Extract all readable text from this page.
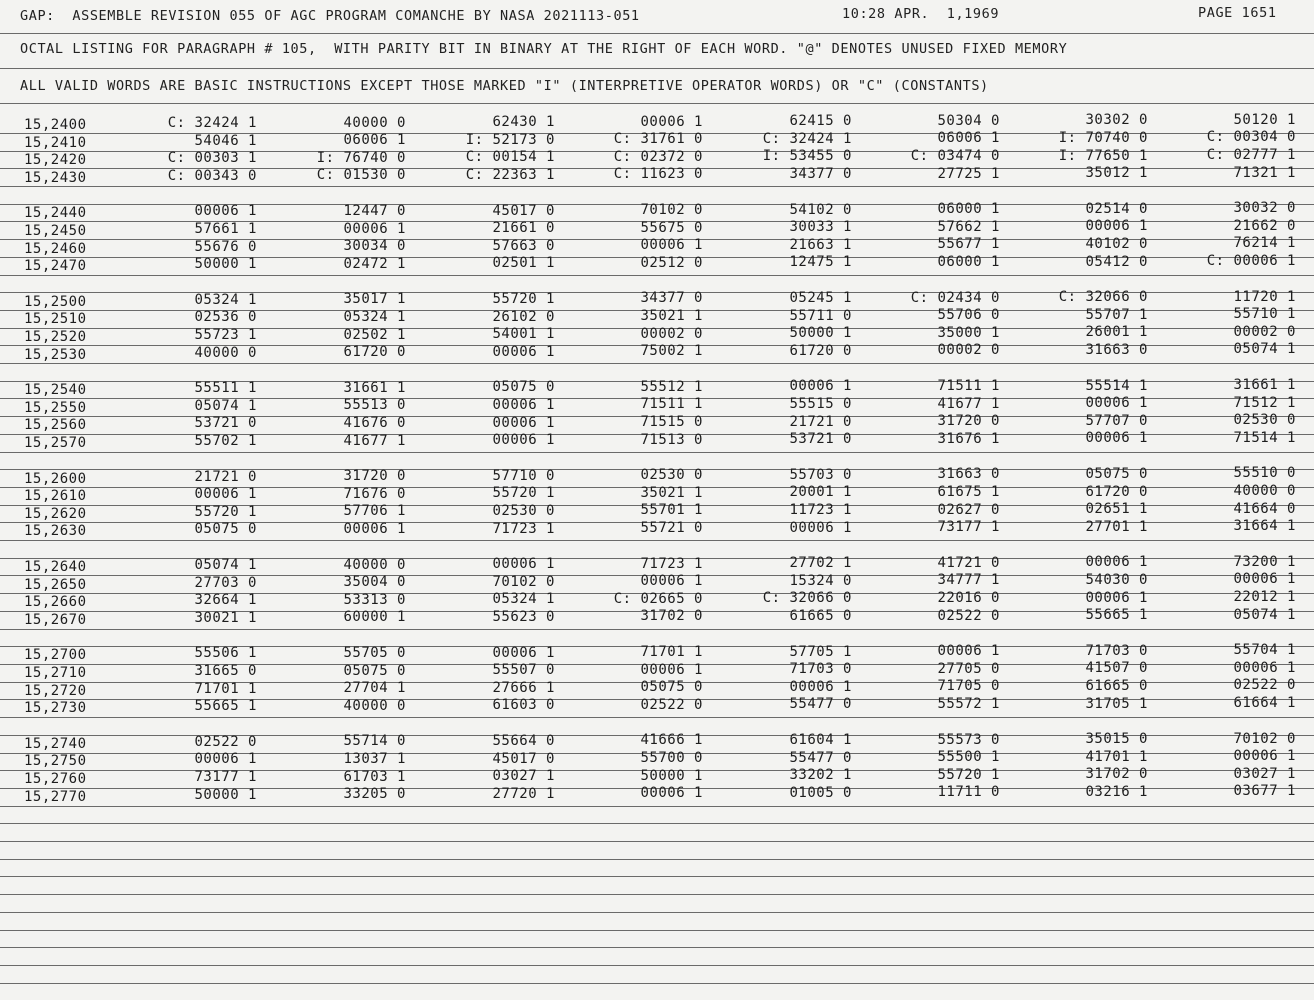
GAP:  ASSEMBLE REVISION 055 OF AGC PROGRAM COMANCHE BY NASA 2021113-051	10:28 APR.  1,1969	PAGE 1651
OCTAL LISTING FOR PARAGRAPH # 105,  WITH PARITY BIT IN BINARY AT THE RIGHT OF EACH WORD. "@" DENOTES UNUSED FIXED MEMORY
ALL VALID WORDS ARE BASIC INSTRUCTIONS EXCEPT THOSE MARKED "I" (INTERPRETIVE OPERATOR WORDS) OR "C" (CONSTANTS)
15,2400	C: 32424 1	40000 0	62430 1	00006 1	62415 0	50304 0	30302 0	50120 1
15,2410	54046 1	06006 1	I: 52173 0	C: 31761 0	C: 32424 1	06006 1	I: 70740 0	C: 00304 0
15,2420	C: 00303 1	I: 76740 0	C: 00154 1	C: 02372 0	I: 53455 0	C: 03474 0	I: 77650 1	C: 02777 1
15,2430	C: 00343 0	C: 01530 0	C: 22363 1	C: 11623 0	34377 0	27725 1	35012 1	71321 1
15,2440	00006 1	12447 0	45017 0	70102 0	54102 0	06000 1	02514 0	30032 0
15,2450	57661 1	00006 1	21661 0	55675 0	30033 1	57662 1	00006 1	21662 0
15,2460	55676 0	30034 0	57663 0	00006 1	21663 1	55677 1	40102 0	76214 1
15,2470	50000 1	02472 1	02501 1	02512 0	12475 1	06000 1	05412 0	C: 00006 1
15,2500	05324 1	35017 1	55720 1	34377 0	05245 1	C: 02434 0	C: 32066 0	11720 1
15,2510	02536 0	05324 1	26102 0	35021 1	55711 0	55706 0	55707 1	55710 1
15,2520	55723 1	02502 1	54001 1	00002 0	50000 1	35000 1	26001 1	00002 0
15,2530	40000 0	61720 0	00006 1	75002 1	61720 0	00002 0	31663 0	05074 1
15,2540	55511 1	31661 1	05075 0	55512 1	00006 1	71511 1	55514 1	31661 1
15,2550	05074 1	55513 0	00006 1	71511 1	55515 0	41677 1	00006 1	71512 1
15,2560	53721 0	41676 0	00006 1	71515 0	21721 0	31720 0	57707 0	02530 0
15,2570	55702 1	41677 1	00006 1	71513 0	53721 0	31676 1	00006 1	71514 1
15,2600	21721 0	31720 0	57710 0	02530 0	55703 0	31663 0	05075 0	55510 0
15,2610	00006 1	71676 0	55720 1	35021 1	20001 1	61675 1	61720 0	40000 0
15,2620	55720 1	57706 1	02530 0	55701 1	11723 1	02627 0	02651 1	41664 0
15,2630	05075 0	00006 1	71723 1	55721 0	00006 1	73177 1	27701 1	31664 1
15,2640	05074 1	40000 0	00006 1	71723 1	27702 1	41721 0	00006 1	73200 1
15,2650	27703 0	35004 0	70102 0	00006 1	15324 0	34777 1	54030 0	00006 1
15,2660	32664 1	53313 0	05324 1	C: 02665 0	C: 32066 0	22016 0	00006 1	22012 1
15,2670	30021 1	60000 1	55623 0	31702 0	61665 0	02522 0	55665 1	05074 1
15,2700	55506 1	55705 0	00006 1	71701 1	57705 1	00006 1	71703 0	55704 1
15,2710	31665 0	05075 0	55507 0	00006 1	71703 0	27705 0	41507 0	00006 1
15,2720	71701 1	27704 1	27666 1	05075 0	00006 1	71705 0	61665 0	02522 0
15,2730	55665 1	40000 0	61603 0	02522 0	55477 0	55572 1	31705 1	61664 1
15,2740	02522 0	55714 0	55664 0	41666 1	61604 1	55573 0	35015 0	70102 0
15,2750	00006 1	13037 1	45017 0	55700 0	55477 0	55500 1	41701 1	00006 1
15,2760	73177 1	61703 1	03027 1	50000 1	33202 1	55720 1	31702 0	03027 1
15,2770	50000 1	33205 0	27720 1	00006 1	01005 0	11711 0	03216 1	03677 1
